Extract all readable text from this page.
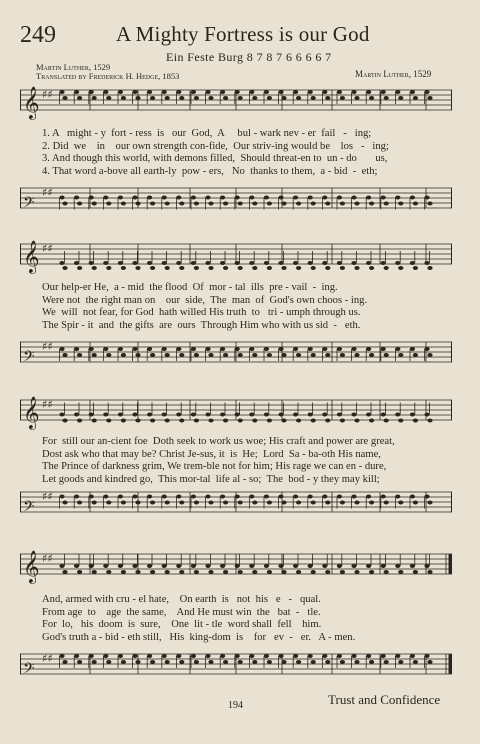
249	A Mighty Fortress is our God
Ein Feste Burg 8 7 8 7 6 6 6 6 7
Martin Luther, 1529
Translated by Frederick H. Hedge, 1853	Martin Luther, 1529
𝄞 ♯♯
1. A   might - y  fort - ress  is   our  God,  A     bul - wark nev - er  fail   -   ing;
2. Did  we    in    our own strength con-fide,  Our striv-ing would be    los   -   ing;
3. And though this world, with demons filled,  Should threat-en to  un - do       us,
4. That word a-bove all earth-ly  pow - ers,   No  thanks to them,  a - bid  -  eth;
𝄢
♯♯
𝄞 ♯♯
Our help-er He,  a - mid  the flood  Of  mor - tal  ills  pre - vail  -  ing.
Were not  the right man on    our  side,  The  man  of  God's own choos - ing.
We  will  not fear, for God  hath willed His truth  to   tri - umph through us.
The Spir - it  and  the gifts  are  ours  Through Him who with us sid  -   eth.
𝄢
♯♯
𝄞 ♯♯
For  still our an-cient foe  Doth seek to work us woe; His craft and power are great,
Dost ask who that may be? Christ Je-sus, it  is  He;  Lord  Sa - ba-oth His name,
The Prince of darkness grim, We trem-ble not for him; His rage we can en - dure,
Let goods and kindred go,  This mor-tal  life al - so;  The  bod - y they may kill;
𝄢
♯♯
𝄞 ♯♯
And, armed with cru - el hate,    On earth  is   not  his   e   -   qual.
From age  to    age  the same,    And He must win  the   bat  -   tle.
For  lo,   his  doom  is  sure,    One  lit - tle  word shall  fell    him.
God's truth a - bid - eth still,   His  king-dom  is    for   ev  -   er.   A - men.
𝄢
♯♯
194	Trust and Confidence
